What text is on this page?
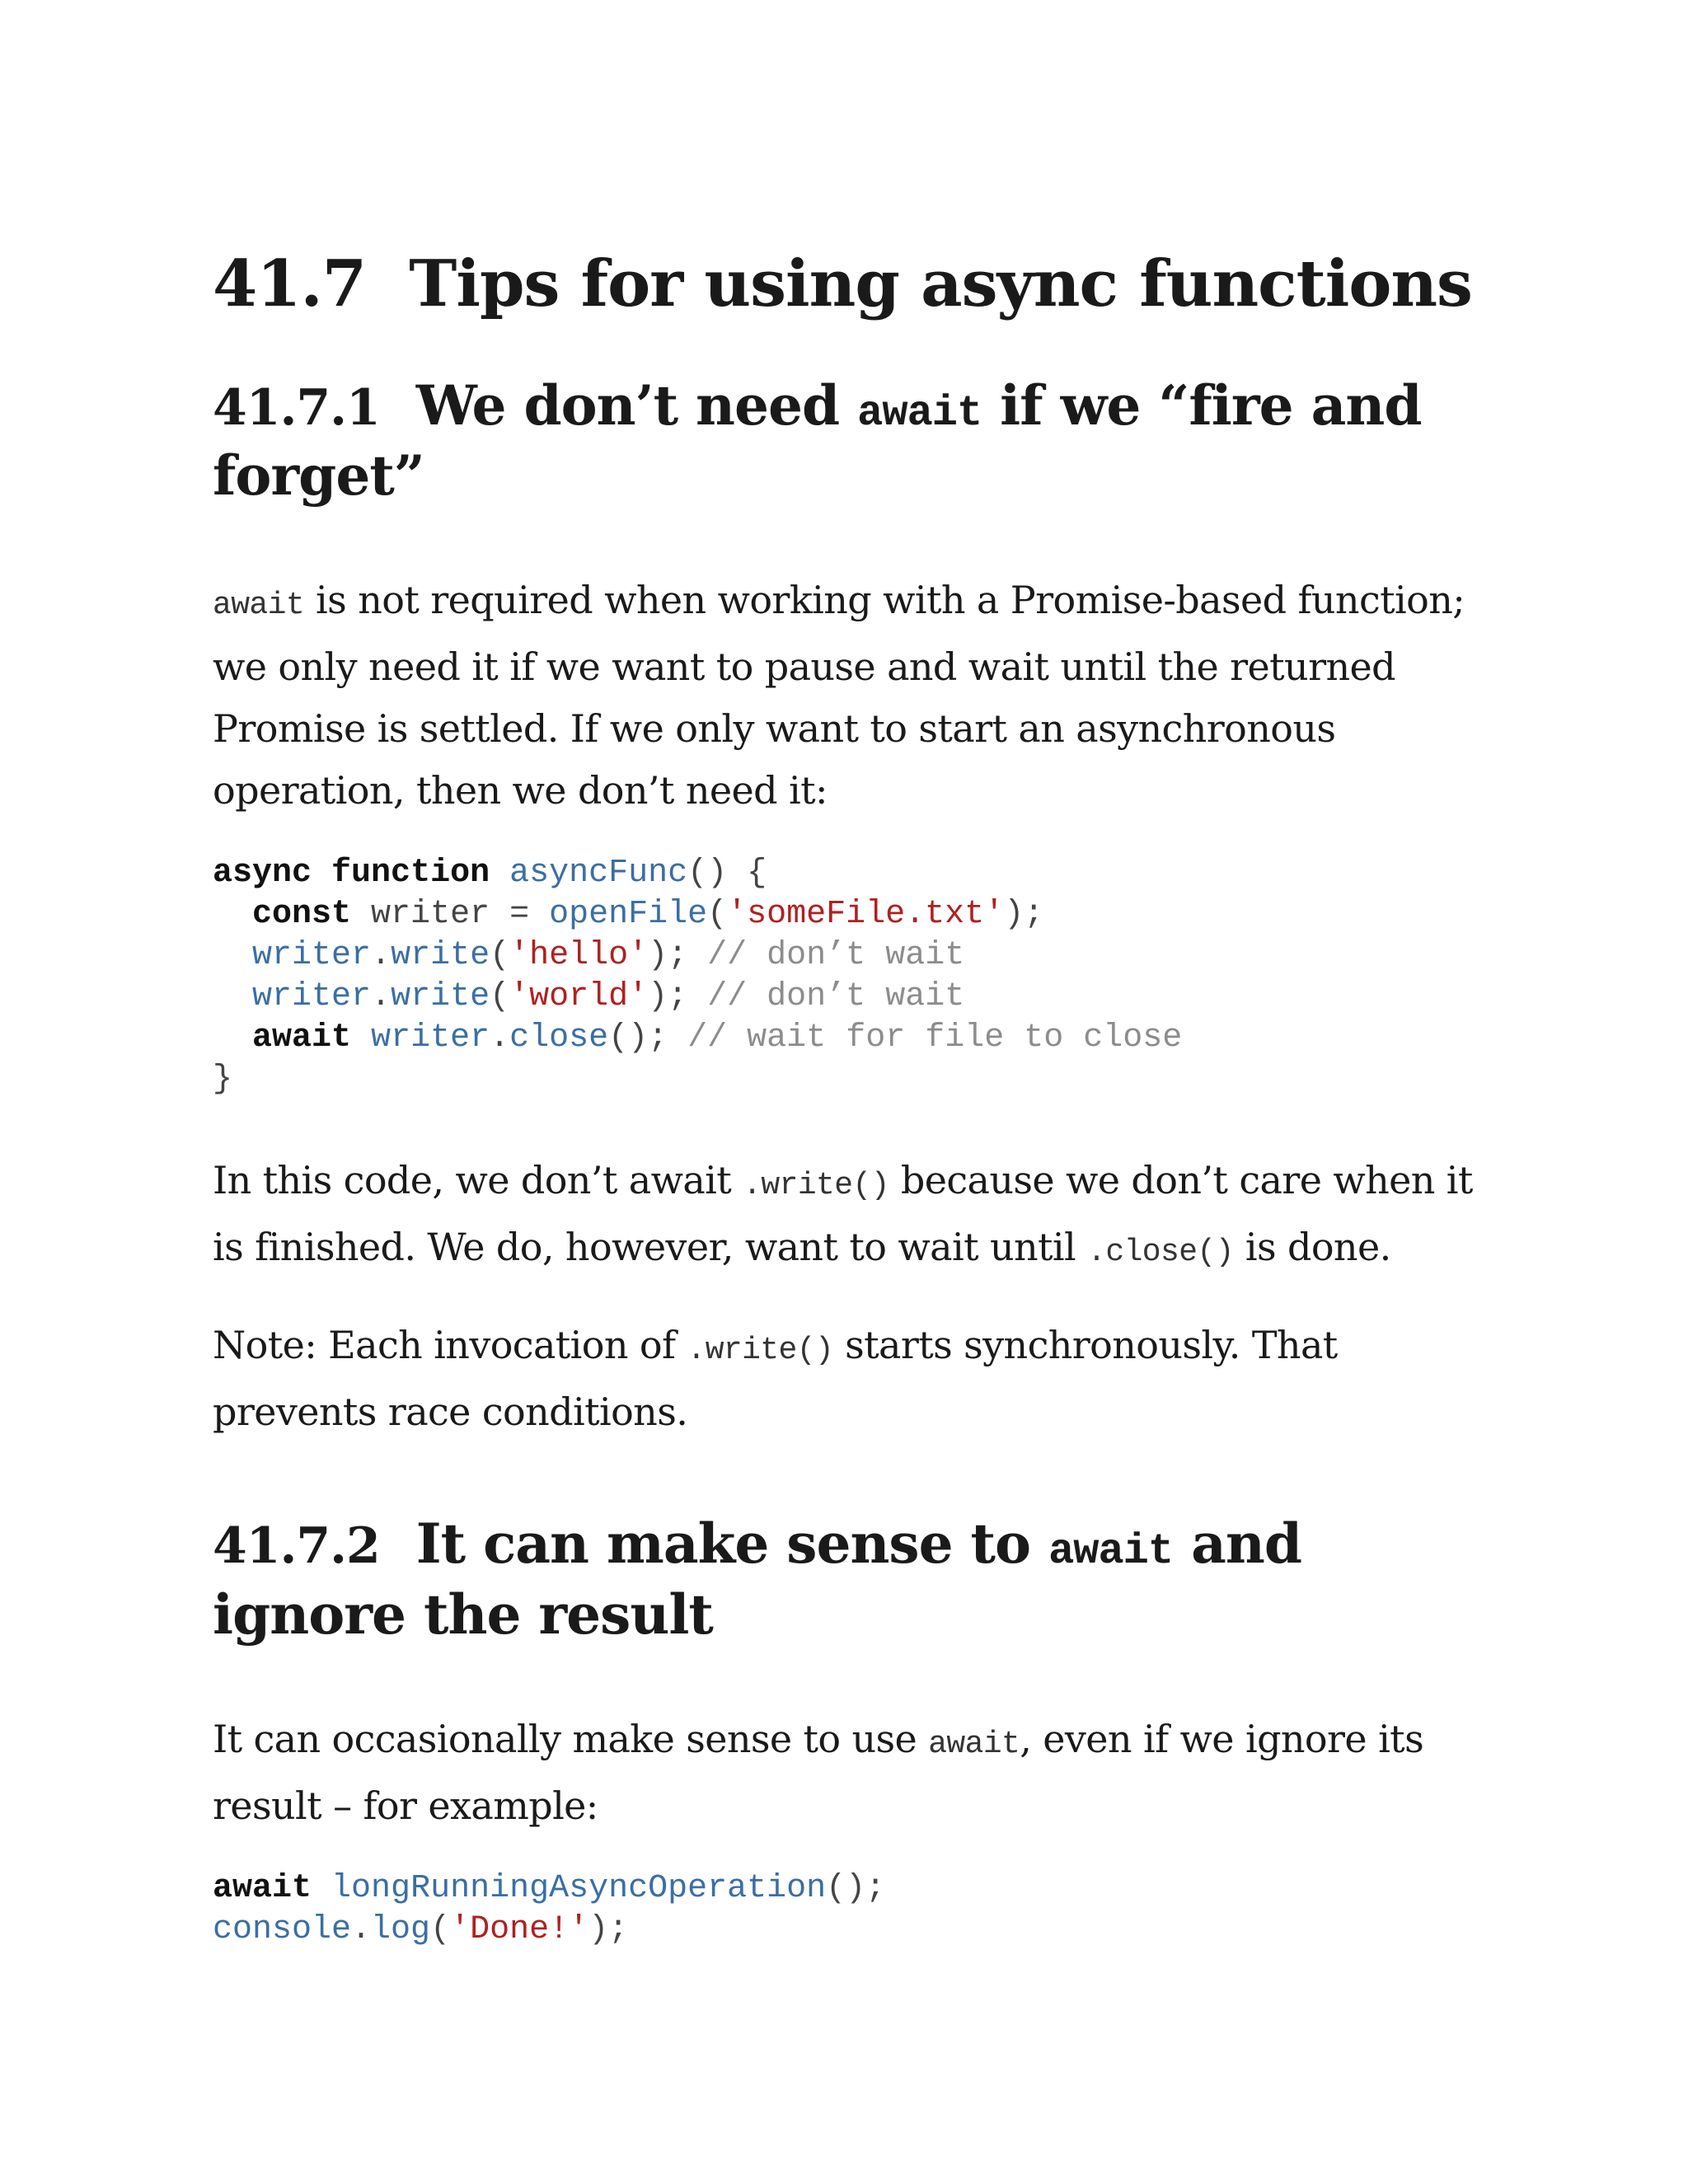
41.7 Tips for using async functions
41.7.1 We don’t need await if we “fire and
forget”

await is not required when working with a Promise-based function; we only need it if we want to pause and wait until the returned Promise is settled. If we only want to start an asynchronous operation, then we don’t need it:

async function asyncFunc() {
const writer = openFile('someFile.txt');
writer.write('hello'); // don’t wait
writer.write('world'); // don’t wait
await writer.close(); // wait for file to close
}

In this code, we don’t await .write() because we don’t care when it is finished. We do, however, want to wait until .close() is done.

Note: Each invocation of .write() starts synchronously. That prevents race conditions.

41.7.2 It can make sense to await and
ignore the result

It can occasionally make sense to use await, even if we ignore its result – for example:

await longRunningAsyncOperation();
console.log('Done!');
